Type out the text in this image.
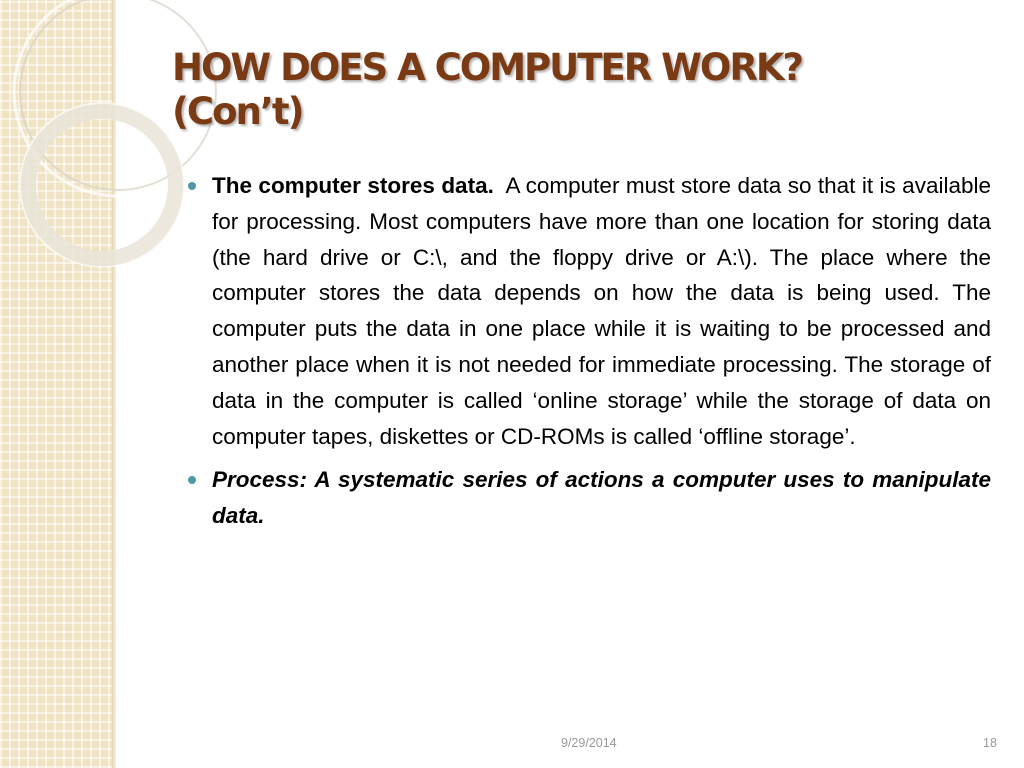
HOW DOES A COMPUTER WORK?
(Con’t)

The computer stores data. A computer must store data so that it is available for processing. Most computers have more than one location for storing data (the hard drive or C:\, and the floppy drive or A:\). The place where the computer stores the data depends on how the data is being used. The computer puts the data in one place while it is waiting to be processed and another place when it is not needed for immediate processing. The storage of data in the computer is called ‘online storage’ while the storage of data on computer tapes, diskettes or CD-ROMs is called ‘offline storage’.

Process: A systematic series of actions a computer uses to manipulate data.

9/29/2014	18
